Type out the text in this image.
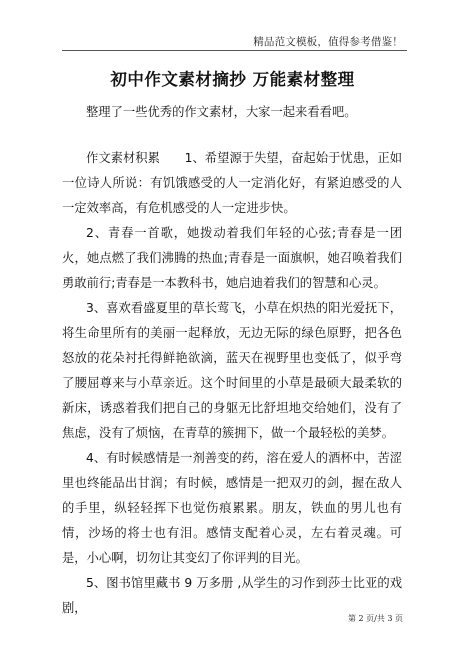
精品范文模板，值得参考借鉴！
初中作文素材摘抄 万能素材整理

整理了一些优秀的作文素材，大家一起来看看吧。

作文素材积累　　1、希望源于失望，奋起始于忧患，正如一位诗人所说：有饥饿感受的人一定消化好，有紧迫感受的人一定效率高，有危机感受的人一定进步快。

2、青春一首歌，她拨动着我们年轻的心弦;青春是一团火，她点燃了我们沸腾的热血;青春是一面旗帜，她召唤着我们勇敢前行;青春是一本教科书，她启迪着我们的智慧和心灵。

3、喜欢看盛夏里的草长莺飞，小草在炽热的阳光爱抚下，将生命里所有的美丽一起释放，无边无际的绿色原野，把各色怒放的花朵衬托得鲜艳欲滴，蓝天在视野里也变低了，似乎弯了腰屈尊来与小草亲近。这个时间里的小草是最硕大最柔软的新床，诱惑着我们把自己的身躯无比舒坦地交给她们，没有了焦虑，没有了烦恼，在青草的簇拥下，做一个最轻松的美梦。

4、有时候感情是一剂善变的药，溶在爱人的酒杯中，苦涩里也终能品出甘润；有时候，感情是一把双刃的剑，握在敌人的手里，纵轻轻挥下也觉伤痕累累。朋友，铁血的男儿也有情，沙场的将士也有泪。感情支配着心灵，左右着灵魂。可是，小心啊，切勿让其变幻了你评判的目光。

5、图书馆里藏书 9 万多册 ,从学生的习作到莎士比亚的戏剧，

第 2 页/共 3 页
